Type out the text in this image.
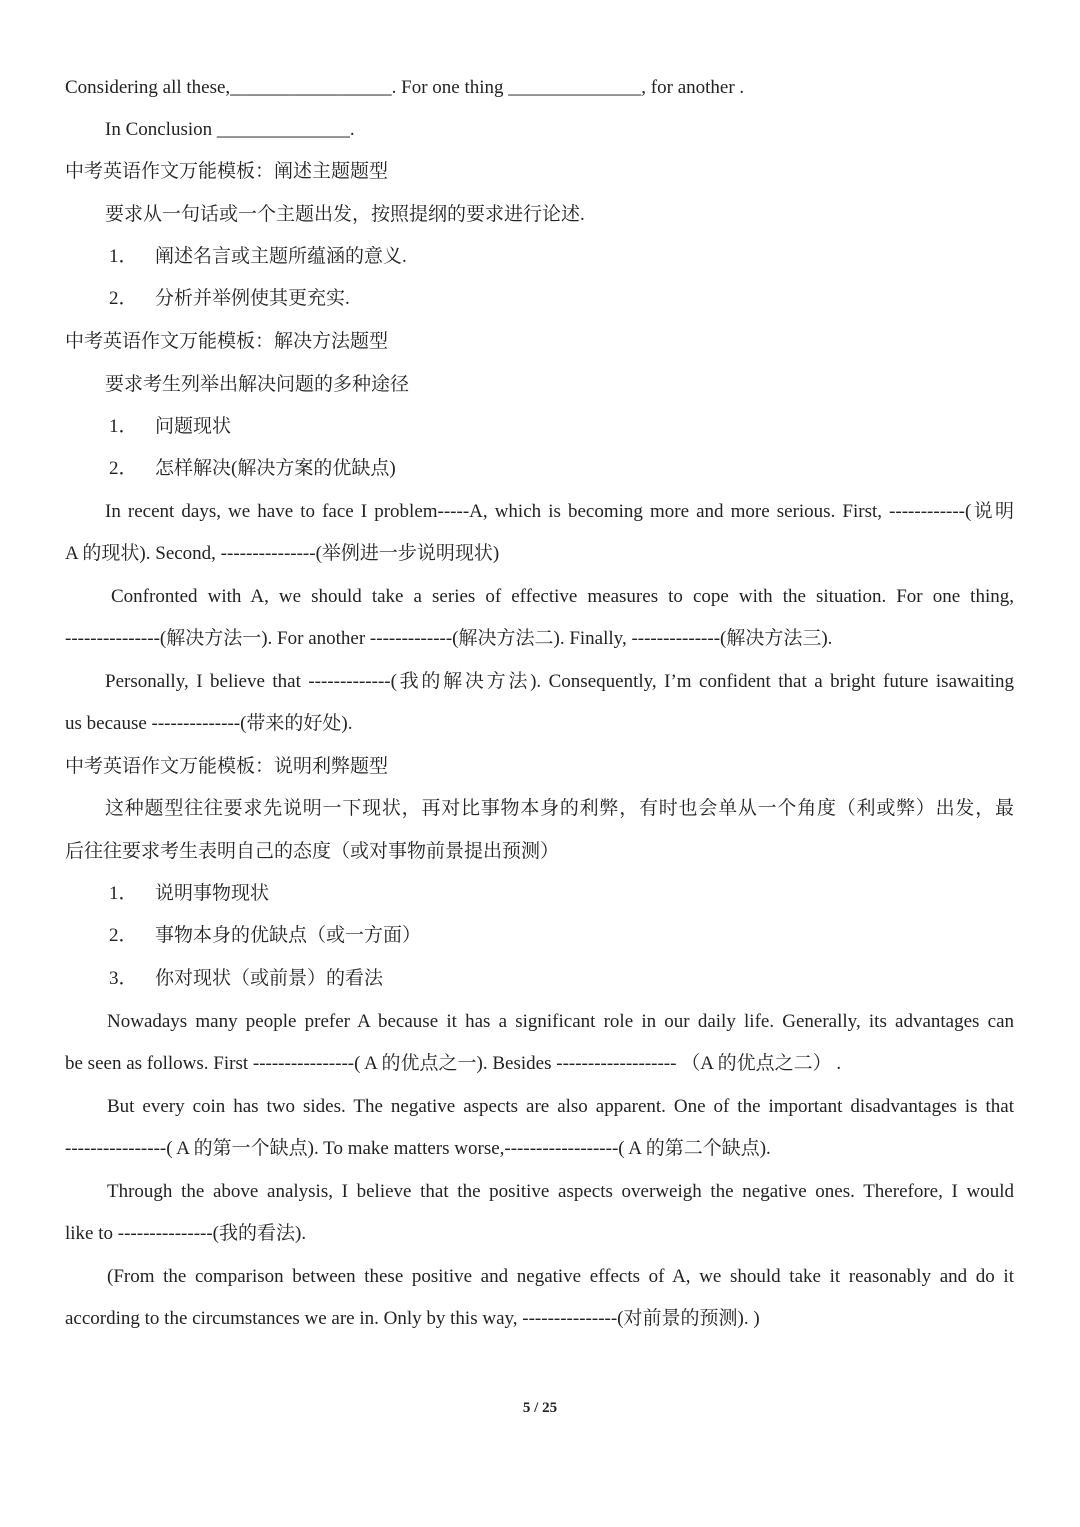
Considering all these,_________________. For one thing ______________, for another .
In Conclusion ______________.
中考英语作文万能模板：阐述主题题型
要求从一句话或一个主题出发，按照提纲的要求进行论述.
1． 阐述名言或主题所蕴涵的意义.
2． 分析并举例使其更充实.
中考英语作文万能模板：解决方法题型
要求考生列举出解决问题的多种途径
1． 问题现状
2． 怎样解决(解决方案的优缺点)
In recent days, we have to face I problem-----A, which is becoming more and more serious. First, ------------(说明
A 的现状). Second, ---------------(举例进一步说明现状)
Confronted with A, we should take a series of effective measures to cope with the situation. For one thing,
---------------(解决方法一). For another -------------(解决方法二). Finally, --------------(解决方法三).
Personally, I believe that -------------(我的解决方法). Consequently, I’m confident that a bright future isawaiting
us because --------------(带来的好处).
中考英语作文万能模板：说明利弊题型
这种题型往往要求先说明一下现状，再对比事物本身的利弊，有时也会单从一个角度（利或弊）出发，最
后往往要求考生表明自己的态度（或对事物前景提出预测）
1． 说明事物现状
2． 事物本身的优缺点（或一方面）
3． 你对现状（或前景）的看法
Nowadays many people prefer A because it has a significant role in our daily life. Generally, its advantages can
be seen as follows. First ----------------( A 的优点之一). Besides ------------------- （A 的优点之二） .
But every coin has two sides. The negative aspects are also apparent. One of the important disadvantages is that
----------------( A 的第一个缺点). To make matters worse,------------------( A 的第二个缺点).
Through the above analysis, I believe that the positive aspects overweigh the negative ones. Therefore, I would
like to ---------------(我的看法).
(From the comparison between these positive and negative effects of A, we should take it reasonably and do it
according to the circumstances we are in. Only by this way, ---------------(对前景的预测). )
5 / 25
